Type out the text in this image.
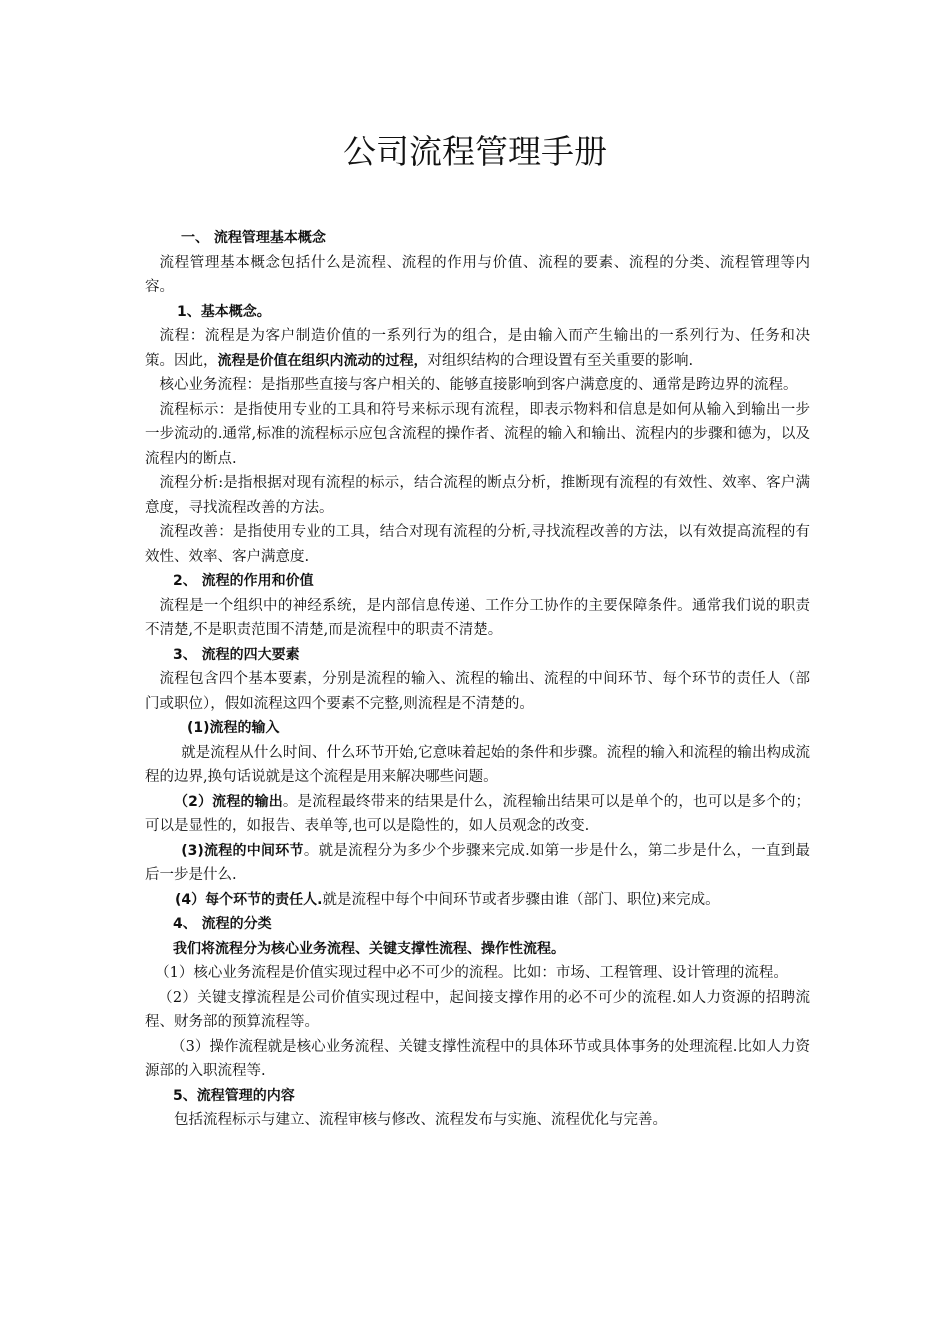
公司流程管理手册

一、 流程管理基本概念

流程管理基本概念包括什么是流程、流程的作用与价值、流程的要素、流程的分类、流程管理等内容。

1、基本概念。

流程：流程是为客户制造价值的一系列行为的组合，是由输入而产生输出的一系列行为、任务和决策。因此，流程是价值在组织内流动的过程，对组织结构的合理设置有至关重要的影响.

核心业务流程：是指那些直接与客户相关的、能够直接影响到客户满意度的、通常是跨边界的流程。

流程标示：是指使用专业的工具和符号来标示现有流程，即表示物料和信息是如何从输入到输出一步一步流动的.通常,标准的流程标示应包含流程的操作者、流程的输入和输出、流程内的步骤和德为，以及流程内的断点.

流程分析:是指根据对现有流程的标示，结合流程的断点分析，推断现有流程的有效性、效率、客户满意度，寻找流程改善的方法。

流程改善：是指使用专业的工具，结合对现有流程的分析,寻找流程改善的方法，以有效提高流程的有效性、效率、客户满意度.

2、 流程的作用和价值

流程是一个组织中的神经系统，是内部信息传递、工作分工协作的主要保障条件。通常我们说的职责不清楚,不是职责范围不清楚,而是流程中的职责不清楚。

3、 流程的四大要素

流程包含四个基本要素，分别是流程的输入、流程的输出、流程的中间环节、每个环节的责任人（部门或职位），假如流程这四个要素不完整,则流程是不清楚的。

(1)流程的输入

就是流程从什么时间、什么环节开始,它意味着起始的条件和步骤。流程的输入和流程的输出构成流程的边界,换句话说就是这个流程是用来解决哪些问题。

（2）流程的输出。是流程最终带来的结果是什么，流程输出结果可以是单个的，也可以是多个的；可以是显性的，如报告、表单等,也可以是隐性的，如人员观念的改变.

(3)流程的中间环节。就是流程分为多少个步骤来完成.如第一步是什么，第二步是什么，一直到最后一步是什么.

(4）每个环节的责任人.就是流程中每个中间环节或者步骤由谁（部门、职位)来完成。

4、 流程的分类

我们将流程分为核心业务流程、关键支撑性流程、操作性流程。

（1）核心业务流程是价值实现过程中必不可少的流程。比如：市场、工程管理、设计管理的流程。

（2）关键支撑流程是公司价值实现过程中，起间接支撑作用的必不可少的流程.如人力资源的招聘流程、财务部的预算流程等。

（3）操作流程就是核心业务流程、关键支撑性流程中的具体环节或具体事务的处理流程.比如人力资源部的入职流程等.

5、流程管理的内容

包括流程标示与建立、流程审核与修改、流程发布与实施、流程优化与完善。
